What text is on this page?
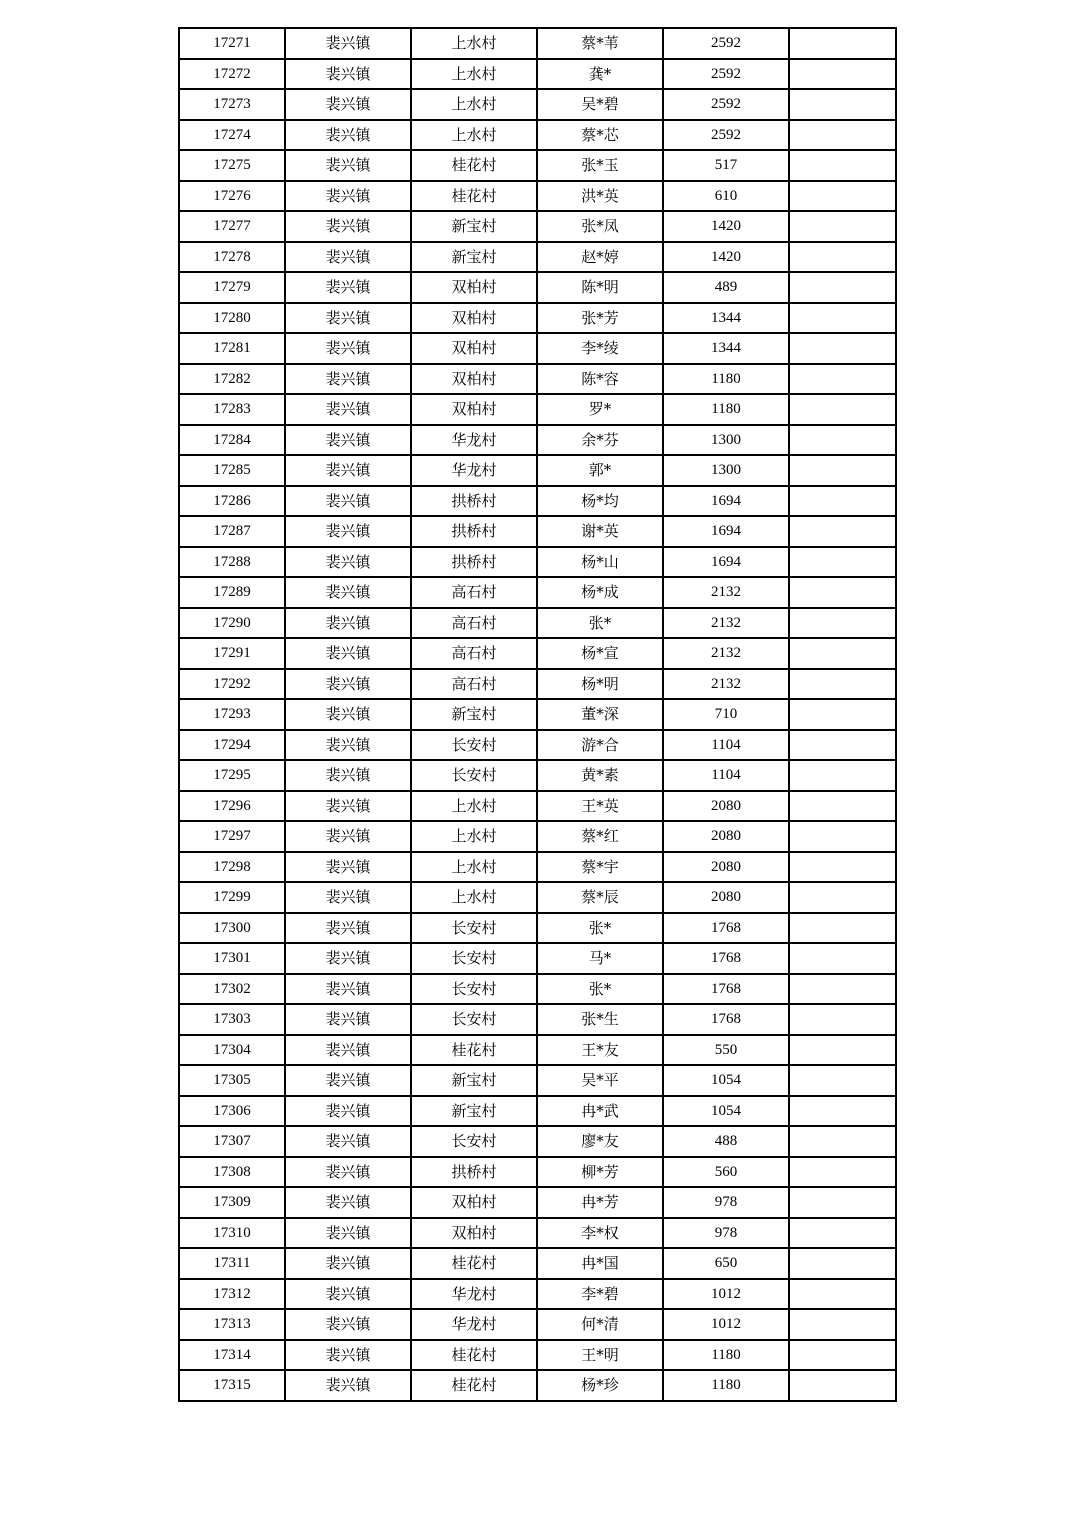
17271	裴兴镇	上水村	蔡*苇	2592	
17272	裴兴镇	上水村	龚*	2592	
17273	裴兴镇	上水村	吴*碧	2592	
17274	裴兴镇	上水村	蔡*芯	2592	
17275	裴兴镇	桂花村	张*玉	517	
17276	裴兴镇	桂花村	洪*英	610	
17277	裴兴镇	新宝村	张*凤	1420	
17278	裴兴镇	新宝村	赵*婷	1420	
17279	裴兴镇	双柏村	陈*明	489	
17280	裴兴镇	双柏村	张*芳	1344	
17281	裴兴镇	双柏村	李*绫	1344	
17282	裴兴镇	双柏村	陈*容	1180	
17283	裴兴镇	双柏村	罗*	1180	
17284	裴兴镇	华龙村	余*芬	1300	
17285	裴兴镇	华龙村	郭*	1300	
17286	裴兴镇	拱桥村	杨*均	1694	
17287	裴兴镇	拱桥村	谢*英	1694	
17288	裴兴镇	拱桥村	杨*山	1694	
17289	裴兴镇	高石村	杨*成	2132	
17290	裴兴镇	高石村	张*	2132	
17291	裴兴镇	高石村	杨*宣	2132	
17292	裴兴镇	高石村	杨*明	2132	
17293	裴兴镇	新宝村	董*深	710	
17294	裴兴镇	长安村	游*合	1104	
17295	裴兴镇	长安村	黄*素	1104	
17296	裴兴镇	上水村	王*英	2080	
17297	裴兴镇	上水村	蔡*红	2080	
17298	裴兴镇	上水村	蔡*宇	2080	
17299	裴兴镇	上水村	蔡*辰	2080	
17300	裴兴镇	长安村	张*	1768	
17301	裴兴镇	长安村	马*	1768	
17302	裴兴镇	长安村	张*	1768	
17303	裴兴镇	长安村	张*生	1768	
17304	裴兴镇	桂花村	王*友	550	
17305	裴兴镇	新宝村	吴*平	1054	
17306	裴兴镇	新宝村	冉*武	1054	
17307	裴兴镇	长安村	廖*友	488	
17308	裴兴镇	拱桥村	柳*芳	560	
17309	裴兴镇	双柏村	冉*芳	978	
17310	裴兴镇	双柏村	李*权	978	
17311	裴兴镇	桂花村	冉*国	650	
17312	裴兴镇	华龙村	李*碧	1012	
17313	裴兴镇	华龙村	何*清	1012	
17314	裴兴镇	桂花村	王*明	1180	
17315	裴兴镇	桂花村	杨*珍	1180	
